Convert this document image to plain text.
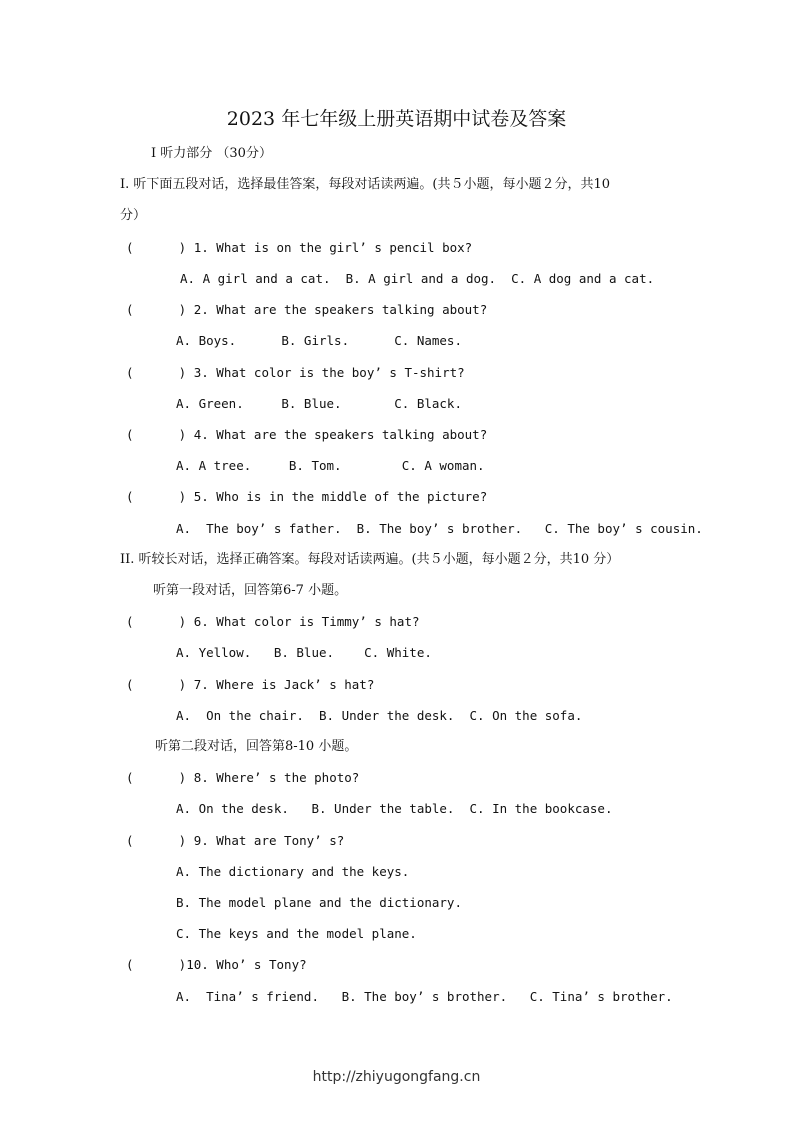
2023 年七年级上册英语期中试卷及答案
Ⅰ 听力部分 （30分）
Ⅰ. 听下面五段对话，选择最佳答案，每段对话读两遍。(共５小题，每小题２分，共10
分）
(      ) 1. What is on the girl’ s pencil box?
A. A girl and a cat.  B. A girl and a dog.  C. A dog and a cat.
(      ) 2. What are the speakers talking about?
A. Boys.      B. Girls.      C. Names.
(      ) 3. What color is the boy’ s T-shirt?
A. Green.     B. Blue.       C. Black.
(      ) 4. What are the speakers talking about?
A. A tree.     B. Tom.        C. A woman.
(      ) 5. Who is in the middle of the picture?
A.  The boy’ s father.  B. The boy’ s brother.   C. The boy’ s cousin.
II. 听较长对话，选择正确答案。每段对话读两遍。(共５小题，每小题２分，共10 分）
听第一段对话，回答第6-7 小题。
(      ) 6. What color is Timmy’ s hat?
A. Yellow.   B. Blue.    C. White.
(      ) 7. Where is Jack’ s hat?
A.  On the chair.  B. Under the desk.  C. On the sofa.
听第二段对话，回答第8-10 小题。
(      ) 8. Where’ s the photo?
A. On the desk.   B. Under the table.  C. In the bookcase.
(      ) 9. What are Tony’ s?
A. The dictionary and the keys.
B. The model plane and the dictionary.
C. The keys and the model plane.
(      )10. Who’ s Tony?
A.  Tina’ s friend.   B. The boy’ s brother.   C. Tina’ s brother.
http://zhiyugongfang.cn
